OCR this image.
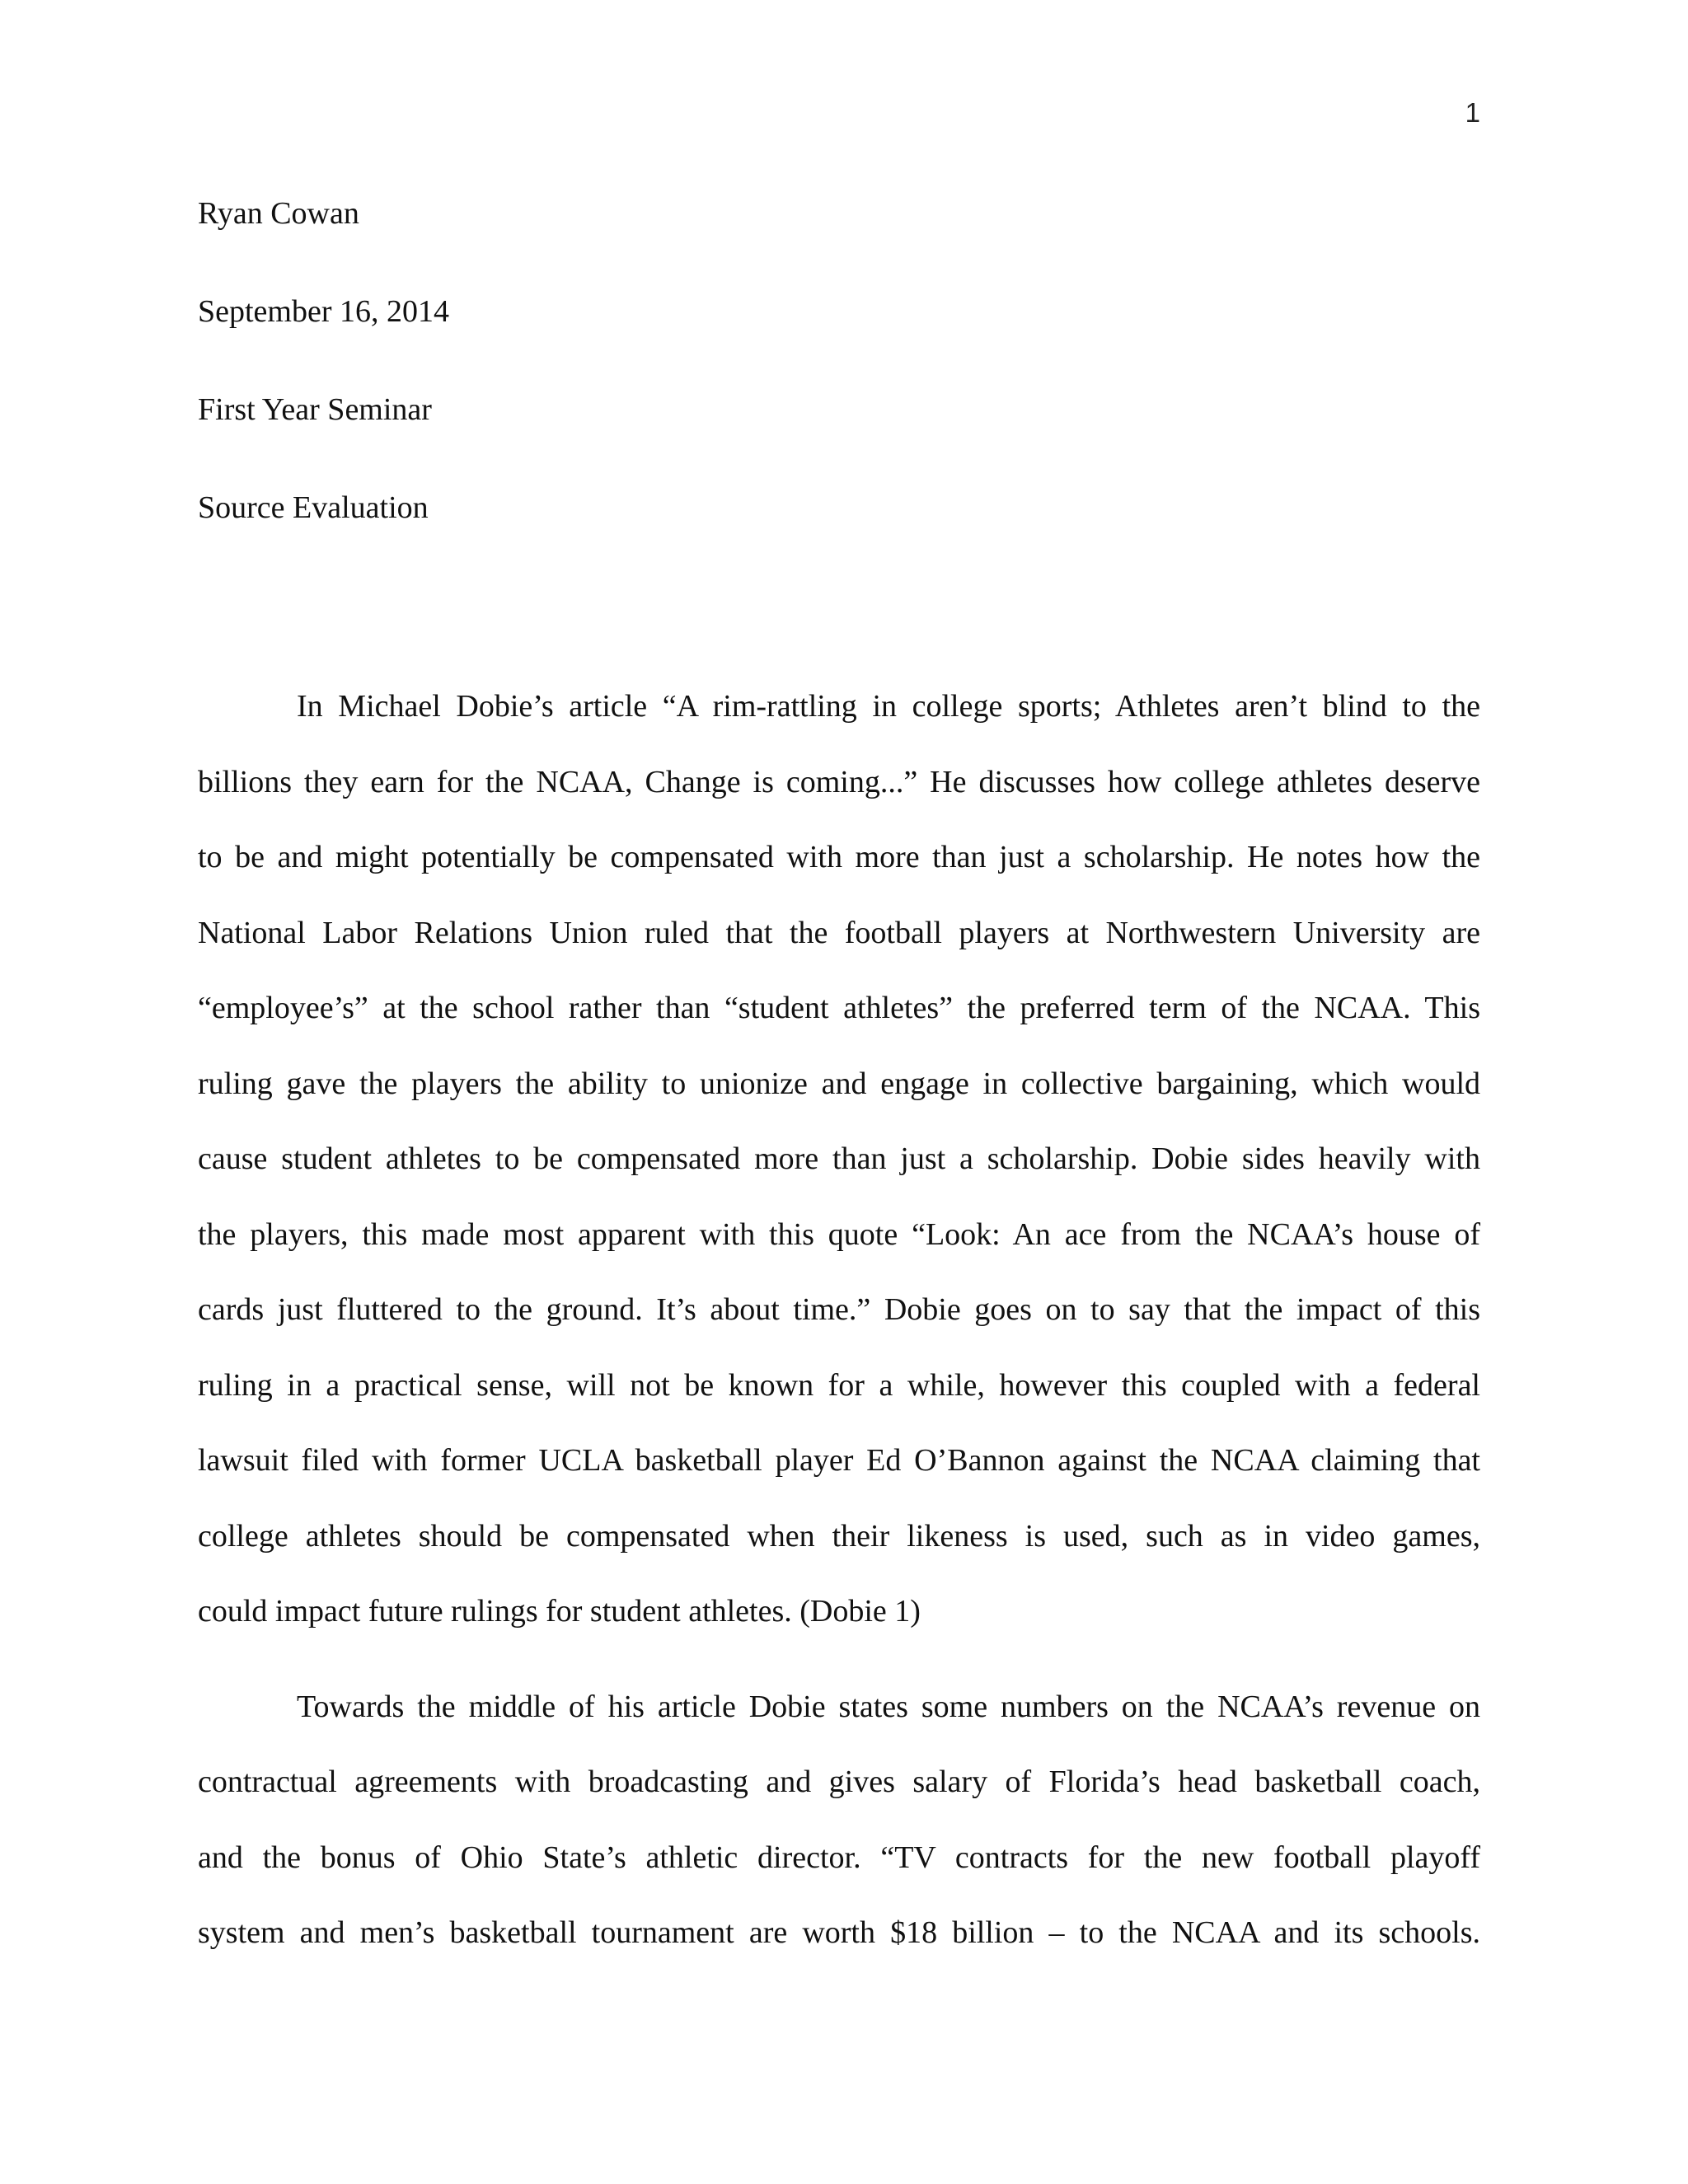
1
Ryan Cowan
September 16, 2014
First Year Seminar
Source Evaluation
In Michael Dobie’s article “A rim-rattling in college sports; Athletes aren’t blind to the
billions they earn for the NCAA, Change is coming...” He discusses how college athletes deserve
to be and might potentially be compensated with more than just a scholarship. He notes how the
National Labor Relations Union ruled that the football players at Northwestern University are
“employee’s” at the school rather than “student athletes” the preferred term of the NCAA. This
ruling gave the players the ability to unionize and engage in collective bargaining, which would
cause student athletes to be compensated more than just a scholarship. Dobie sides heavily with
the players, this made most apparent with this quote “Look: An ace from the NCAA’s house of
cards just fluttered to the ground. It’s about time.” Dobie goes on to say that the impact of this
ruling in a practical sense, will not be known for a while, however this coupled with a federal
lawsuit filed with former UCLA basketball player Ed O’Bannon against the NCAA claiming that
college athletes should be compensated when their likeness is used, such as in video games,
could impact future rulings for student athletes. (Dobie 1)
Towards the middle of his article Dobie states some numbers on the NCAA’s revenue on
contractual agreements with broadcasting and gives salary of Florida’s head basketball coach,
and the bonus of Ohio State’s athletic director. “TV contracts for the new football playoff
system and men’s basketball tournament are worth $18 billion – to the NCAA and its schools.
